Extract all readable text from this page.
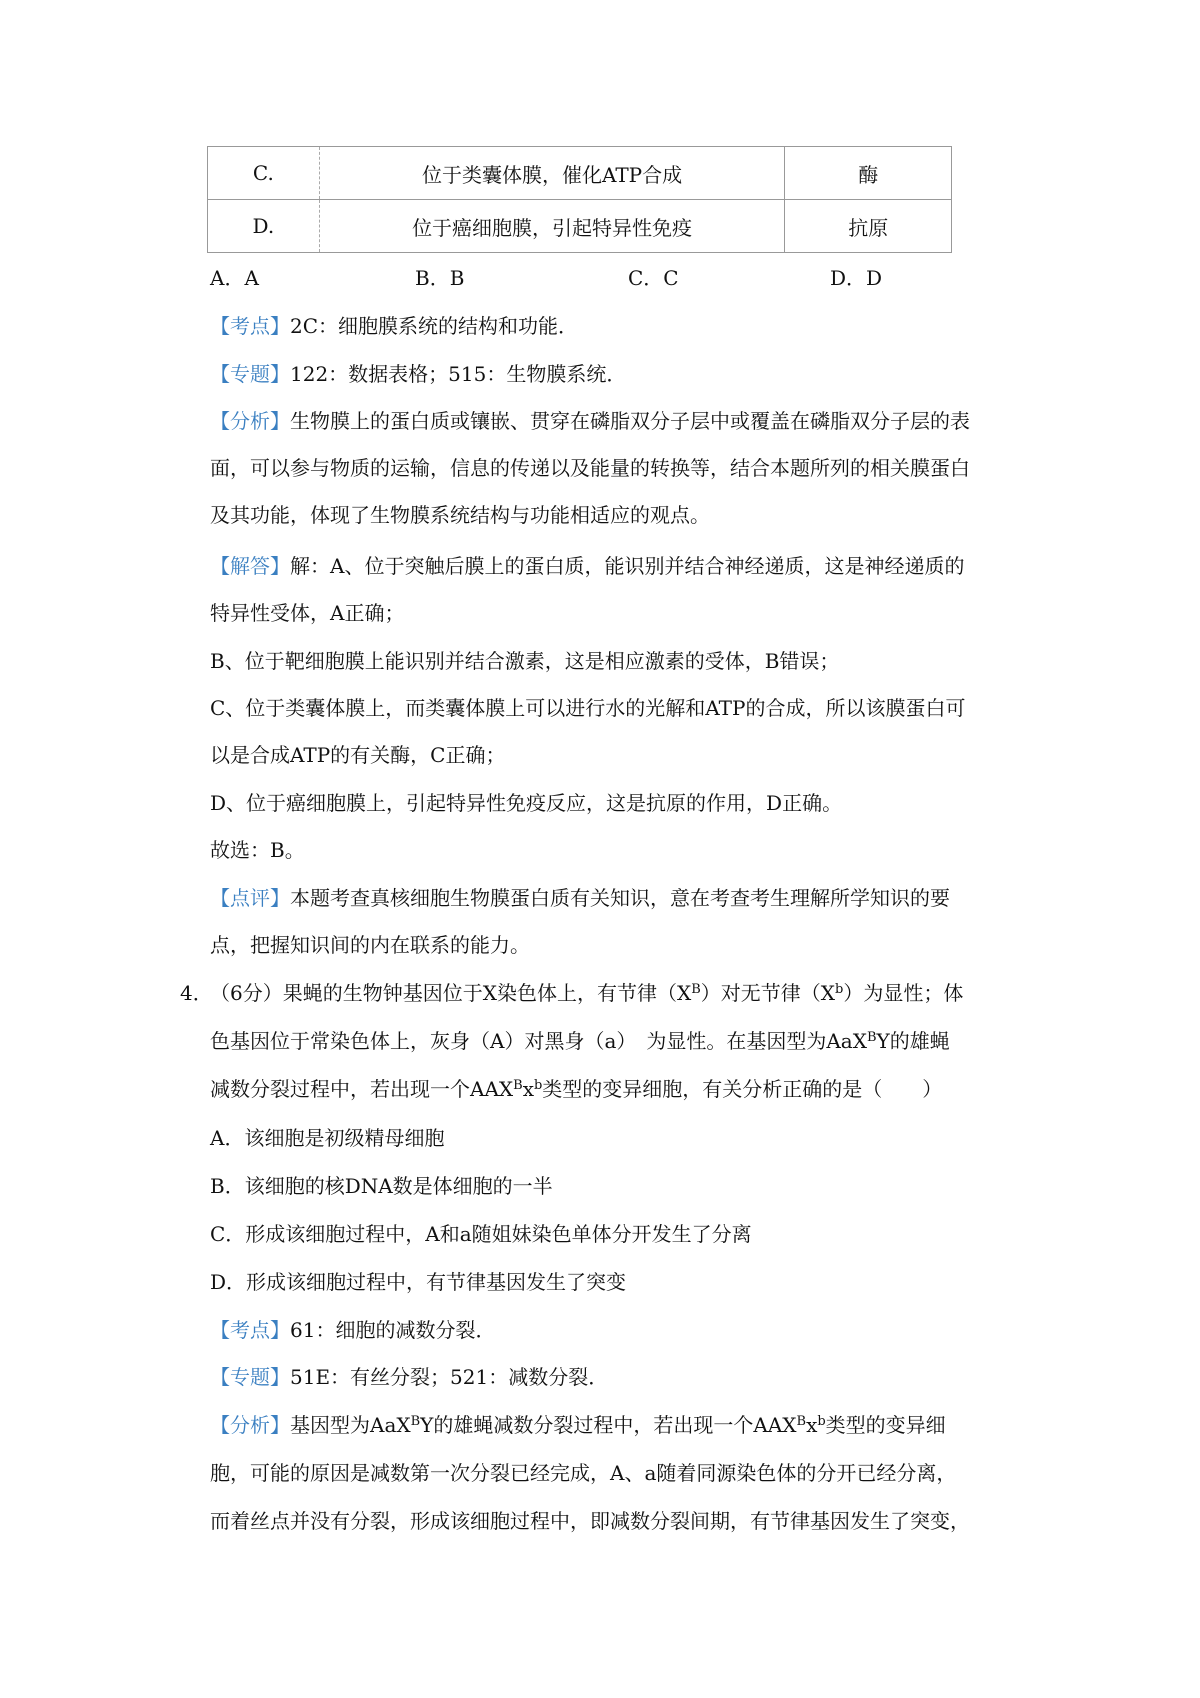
C.	位于类囊体膜，催化ATP合成	酶
D.	位于癌细胞膜，引起特异性免疫	抗原
A．A	B．B	C．C	D．D
【考点】2C：细胞膜系统的结构和功能．
【专题】122：数据表格；515：生物膜系统．
【分析】生物膜上的蛋白质或镶嵌、贯穿在磷脂双分子层中或覆盖在磷脂双分子层的表
面，可以参与物质的运输，信息的传递以及能量的转换等，结合本题所列的相关膜蛋白
及其功能，体现了生物膜系统结构与功能相适应的观点。
【解答】解：A、位于突触后膜上的蛋白质，能识别并结合神经递质，这是神经递质的
特异性受体，A正确；
B、位于靶细胞膜上能识别并结合激素，这是相应激素的受体，B错误；
C、位于类囊体膜上，而类囊体膜上可以进行水的光解和ATP的合成，所以该膜蛋白可
以是合成ATP的有关酶，C正确；
D、位于癌细胞膜上，引起特异性免疫反应，这是抗原的作用，D正确。
故选：B。
【点评】本题考查真核细胞生物膜蛋白质有关知识，意在考查考生理解所学知识的要
点，把握知识间的内在联系的能力。
4．
（6分）果蝇的生物钟基因位于X染色体上，有节律$(X^B)$对无节律$(X^b)$为显性；体
色基因位于常染色体上，灰身（A）对黑身（a）　为显性。在基因型为AaX$^B$Y的雄蝇
减数分裂过程中，若出现一个$AAX^Bx^b$类型的变异细胞，有关分析正确的是（　　）
A．该细胞是初级精母细胞
B．该细胞的核DNA数是体细胞的一半
C．形成该细胞过程中，A和a随姐妹染色单体分开发生了分离
D．形成该细胞过程中，有节律基因发生了突变
【考点】61：细胞的减数分裂．
【专题】51E：有丝分裂；521：减数分裂．
【分析】基因型为AaX$^B$Y的雄蝇减数分裂过程中，若出现一个$AAX^Bx^b$类型的变异细
胞，可能的原因是减数第一次分裂已经完成，A、a随着同源染色体的分开已经分离，
而着丝点并没有分裂，形成该细胞过程中，即减数分裂间期，有节律基因发生了突变，
